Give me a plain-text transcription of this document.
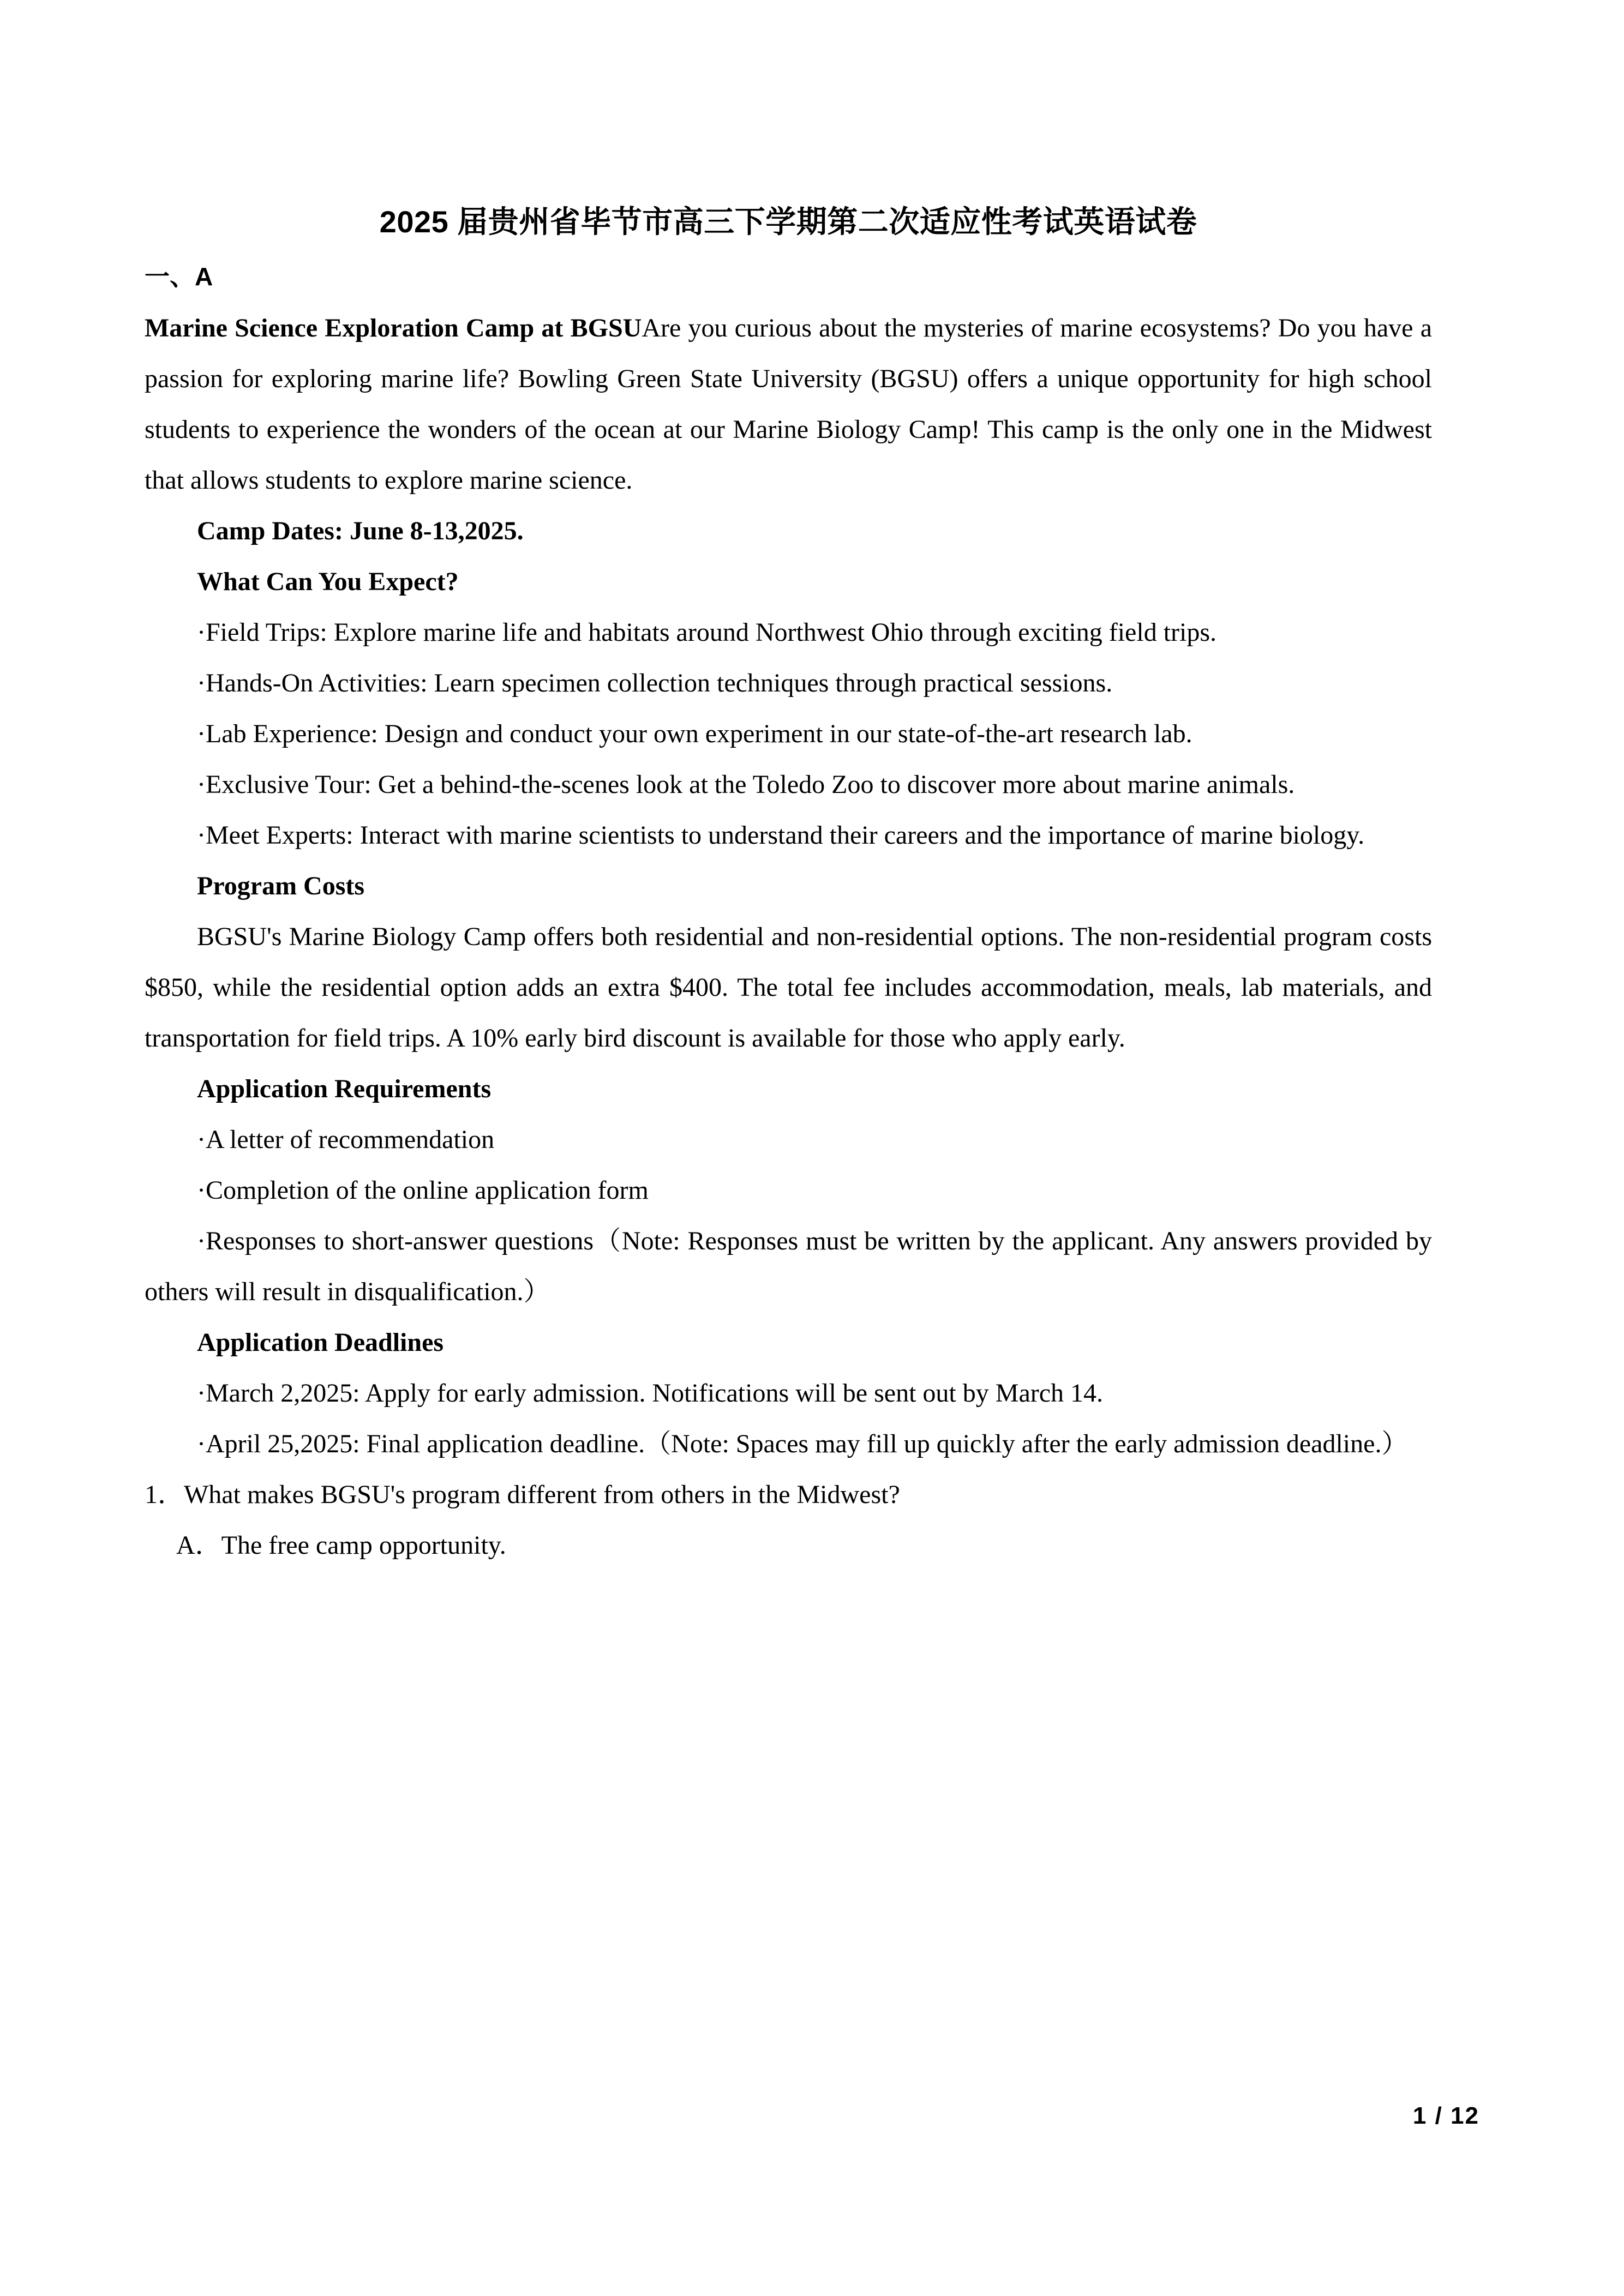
2025 届贵州省毕节市高三下学期第二次适应性考试英语试卷
一、A

Marine Science Exploration Camp at BGSUAre you curious about the mysteries of marine ecosystems? Do you have a passion for exploring marine life? Bowling Green State University (BGSU) offers a unique opportunity for high school students to experience the wonders of the ocean at our Marine Biology Camp! This camp is the only one in the Midwest that allows students to explore marine science.

Camp Dates: June 8-13,2025.

What Can You Expect?

·Field Trips: Explore marine life and habitats around Northwest Ohio through exciting field trips.

·Hands-On Activities: Learn specimen collection techniques through practical sessions.

·Lab Experience: Design and conduct your own experiment in our state-of-the-art research lab.

·Exclusive Tour: Get a behind-the-scenes look at the Toledo Zoo to discover more about marine animals.

·Meet Experts: Interact with marine scientists to understand their careers and the importance of marine biology.

Program Costs

BGSU's Marine Biology Camp offers both residential and non-residential options. The non-residential program costs $850, while the residential option adds an extra $400. The total fee includes accommodation, meals, lab materials, and transportation for field trips. A 10% early bird discount is available for those who apply early.

Application Requirements

·A letter of recommendation

·Completion of the online application form

·Responses to short-answer questions（Note: Responses must be written by the applicant. Any answers provided by others will result in disqualification.）

Application Deadlines

·March 2,2025: Apply for early admission. Notifications will be sent out by March 14.

·April 25,2025: Final application deadline.（Note: Spaces may fill up quickly after the early admission deadline.）

1．What makes BGSU's program different from others in the Midwest?

A．The free camp opportunity.

1 / 12
